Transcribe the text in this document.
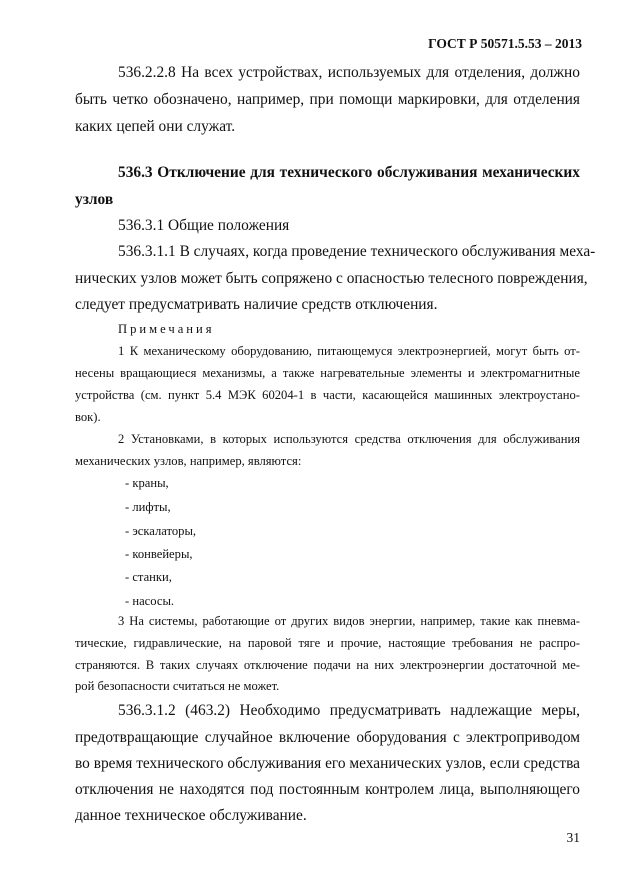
ГОСТ Р 50571.5.53 – 2013
536.2.2.8 На всех устройствах, используемых для отделения, должно
быть четко обозначено, например, при помощи маркировки, для отделения
каких цепей они служат.
536.3 Отключение для технического обслуживания механических
узлов
536.3.1 Общие положения
536.3.1.1 В случаях, когда проведение технического обслуживания меха-
нических узлов может быть сопряжено с опасностью телесного повреждения,
следует предусматривать наличие средств отключения.
Примечания
1 К механическому оборудованию, питающемуся электроэнергией, могут быть от-
несены вращающиеся механизмы, а также нагревательные элементы и электромагнитные
устройства (см. пункт 5.4 МЭК 60204-1 в части, касающейся машинных электроустано-
вок).
2 Установками, в которых используются средства отключения для обслуживания
механических узлов, например, являются:
- краны,
- лифты,
- эскалаторы,
- конвейеры,
- станки,
- насосы.
3 На системы, работающие от других видов энергии, например, такие как пневма-
тические, гидравлические, на паровой тяге и прочие, настоящие требования не распро-
страняются. В таких случаях отключение подачи на них электроэнергии достаточной ме-
рой безопасности считаться не может.
536.3.1.2 (463.2) Необходимо предусматривать надлежащие меры,
предотвращающие случайное включение оборудования с электроприводом
во время технического обслуживания его механических узлов, если средства
отключения не находятся под постоянным контролем лица, выполняющего
данное техническое обслуживание.
31
